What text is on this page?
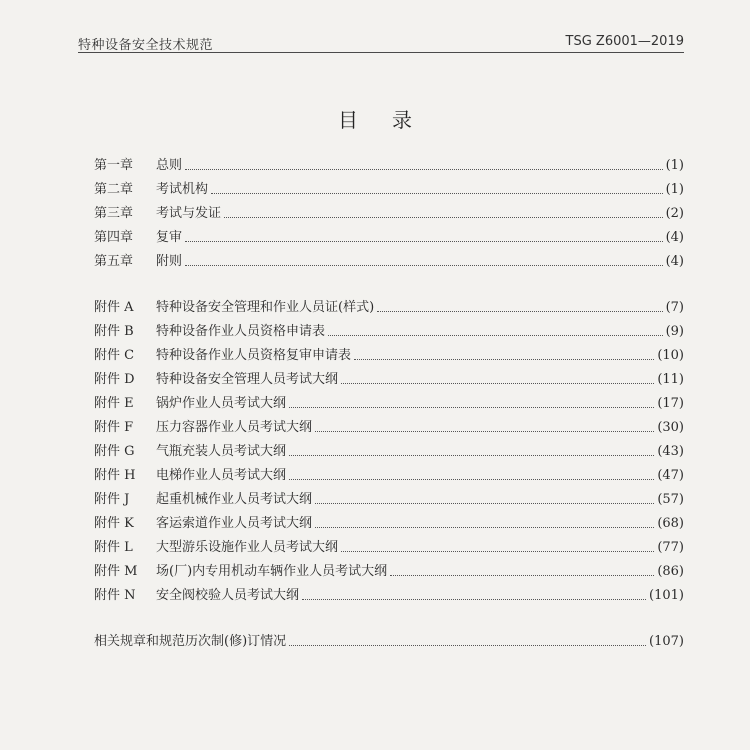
特种设备安全技术规范	TSG Z6001—2019
目录
第一章	总则	(1)
第二章	考试机构	(1)
第三章	考试与发证	(2)
第四章	复审	(4)
第五章	附则	(4)
附件 A	特种设备安全管理和作业人员证(样式)	(7)
附件 B	特种设备作业人员资格申请表	(9)
附件 C	特种设备作业人员资格复审申请表	(10)
附件 D	特种设备安全管理人员考试大纲	(11)
附件 E	锅炉作业人员考试大纲	(17)
附件 F	压力容器作业人员考试大纲	(30)
附件 G	气瓶充装人员考试大纲	(43)
附件 H	电梯作业人员考试大纲	(47)
附件 J	起重机械作业人员考试大纲	(57)
附件 K	客运索道作业人员考试大纲	(68)
附件 L	大型游乐设施作业人员考试大纲	(77)
附件 M	场(厂)内专用机动车辆作业人员考试大纲	(86)
附件 N	安全阀校验人员考试大纲	(101)
相关规章和规范历次制(修)订情况	(107)
